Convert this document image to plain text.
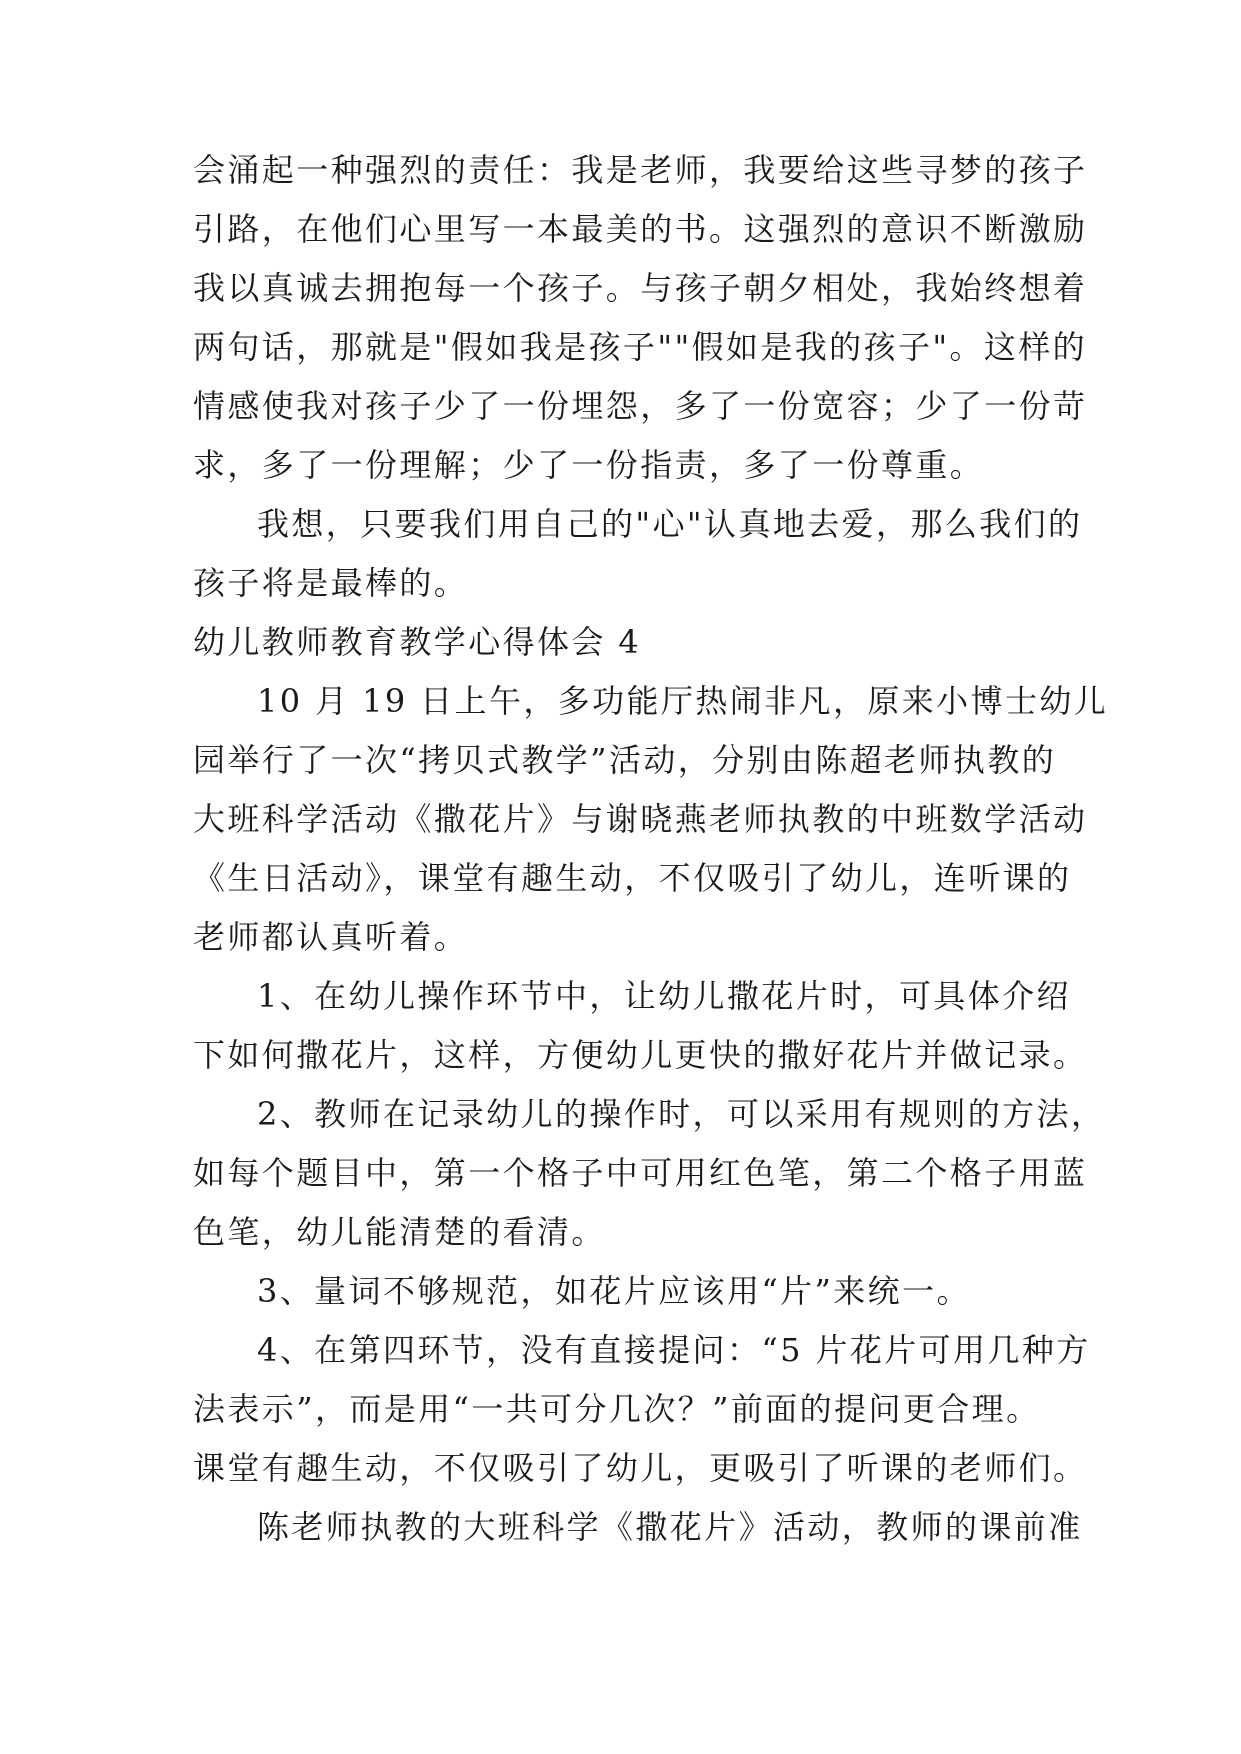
会涌起一种强烈的责任：我是老师，我要给这些寻梦的孩子
引路，在他们心里写一本最美的书。这强烈的意识不断激励
我以真诚去拥抱每一个孩子。与孩子朝夕相处，我始终想着
两句话，那就是"假如我是孩子""假如是我的孩子"。这样的
情感使我对孩子少了一份埋怨，多了一份宽容；少了一份苛
求，多了一份理解；少了一份指责，多了一份尊重。
我想，只要我们用自己的"心"认真地去爱，那么我们的
孩子将是最棒的。
幼儿教师教育教学心得体会 4
10 月 19 日上午，多功能厅热闹非凡，原来小博士幼儿
园举行了一次“拷贝式教学”活动，分别由陈超老师执教的
大班科学活动《撒花片》与谢晓燕老师执教的中班数学活动
《生日活动》，课堂有趣生动，不仅吸引了幼儿，连听课的
老师都认真听着。
1、在幼儿操作环节中，让幼儿撒花片时，可具体介绍
下如何撒花片，这样，方便幼儿更快的撒好花片并做记录。
2、教师在记录幼儿的操作时，可以采用有规则的方法，
如每个题目中，第一个格子中可用红色笔，第二个格子用蓝
色笔，幼儿能清楚的看清。
3、量词不够规范，如花片应该用“片”来统一。
4、在第四环节，没有直接提问：“5 片花片可用几种方
法表示”，而是用“一共可分几次？”前面的提问更合理。
课堂有趣生动，不仅吸引了幼儿，更吸引了听课的老师们。
陈老师执教的大班科学《撒花片》活动，教师的课前准
